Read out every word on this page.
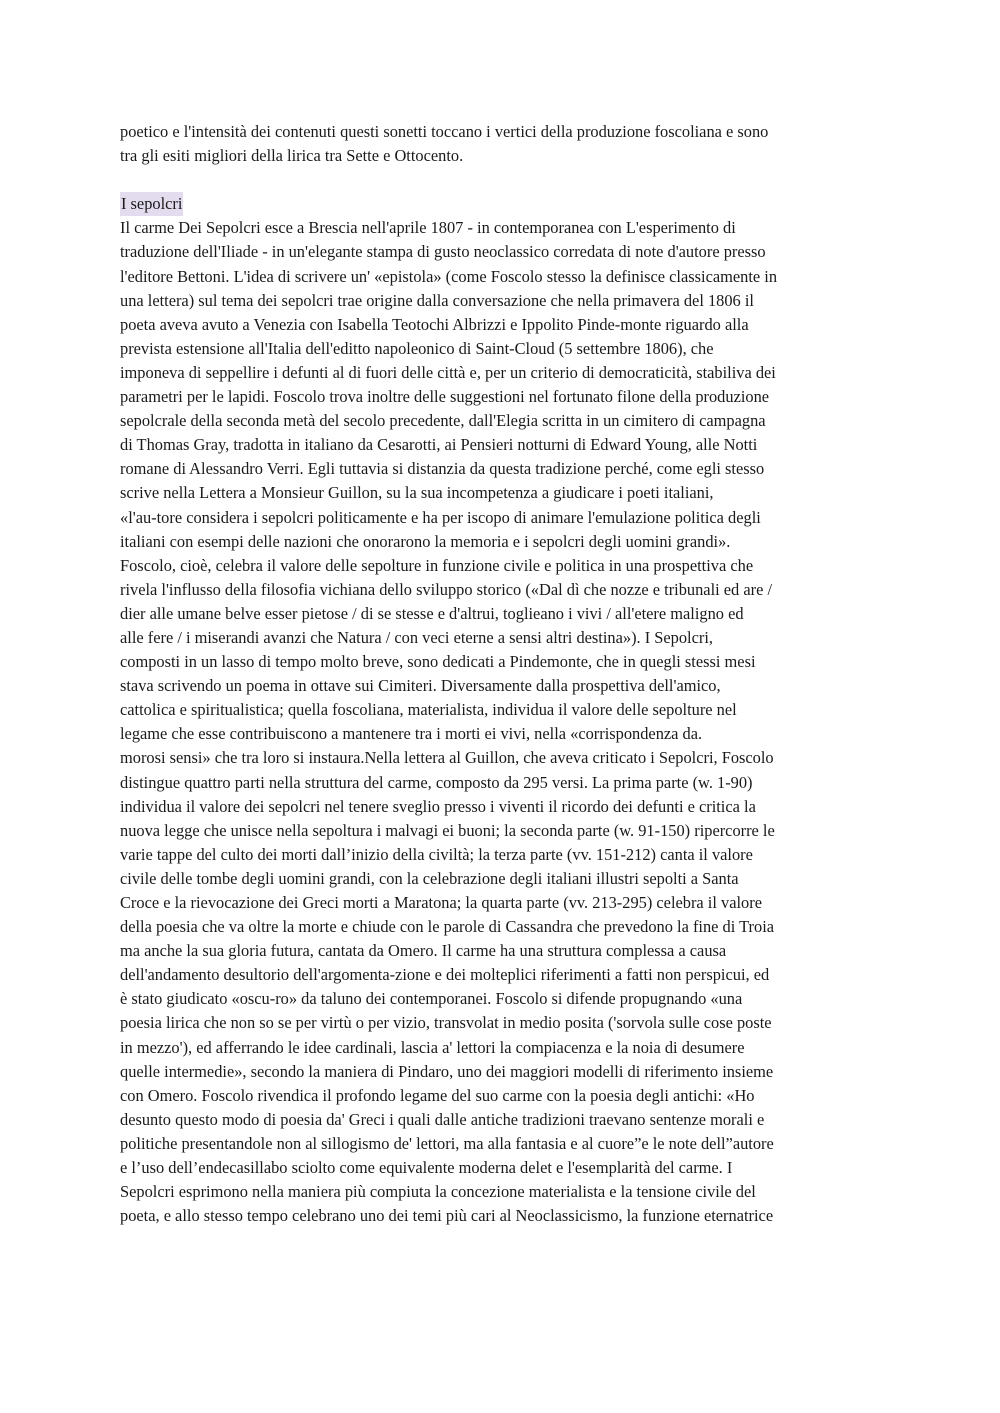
poetico e l'intensità dei contenuti questi sonetti toccano i vertici della produzione foscoliana e sono
tra gli esiti migliori della lirica tra Sette e Ottocento.
I sepolcri
Il carme Dei Sepolcri esce a Brescia nell'aprile 1807 - in contemporanea con L'esperimento di
traduzione dell'Iliade - in un'elegante stampa di gusto neoclassico corredata di note d'autore presso
l'editore Bettoni. L'idea di scrivere un' «epistola» (come Foscolo stesso la definisce classicamente in
una lettera) sul tema dei sepolcri trae origine dalla conversazione che nella primavera del 1806 il
poeta aveva avuto a Venezia con Isabella Teotochi Albrizzi e Ippolito Pinde-monte riguardo alla
prevista estensione all'Italia dell'editto napoleonico di Saint-Cloud (5 settembre 1806), che
imponeva di seppellire i defunti al di fuori delle città e, per un criterio di democraticità, stabiliva dei
parametri per le lapidi. Foscolo trova inoltre delle suggestioni nel fortunato filone della produzione
sepolcrale della seconda metà del secolo precedente, dall'Elegia scritta in un cimitero di campagna
di Thomas Gray, tradotta in italiano da Cesarotti, ai Pensieri notturni di Edward Young, alle Notti
romane di Alessandro Verri. Egli tuttavia si distanzia da questa tradizione perché, come egli stesso
scrive nella Lettera a Monsieur Guillon, su la sua incompetenza a giudicare i poeti italiani,
«l'au-tore considera i sepolcri politicamente e ha per iscopo di animare l'emulazione politica degli
italiani con esempi delle nazioni che onorarono la memoria e i sepolcri degli uomini grandi».
Foscolo, cioè, celebra il valore delle sepolture in funzione civile e politica in una prospettiva che
rivela l'influsso della filosofia vichiana dello sviluppo storico («Dal dì che nozze e tribunali ed are /
dier alle umane belve esser pietose / di se stesse e d'altrui, toglieano i vivi / all'etere maligno ed
alle fere / i miserandi avanzi che Natura / con veci eterne a sensi altri destina»). I Sepolcri,
composti in un lasso di tempo molto breve, sono dedicati a Pindemonte, che in quegli stessi mesi
stava scrivendo un poema in ottave sui Cimiteri. Diversamente dalla prospettiva dell'amico,
cattolica e spiritualistica; quella foscoliana, materialista, individua il valore delle sepolture nel
legame che esse contribuiscono a mantenere tra i morti ei vivi, nella «corrispondenza da.
morosi sensi» che tra loro si instaura.Nella lettera al Guillon, che aveva criticato i Sepolcri, Foscolo
distingue quattro parti nella struttura del carme, composto da 295 versi. La prima parte (w. 1-90)
individua il valore dei sepolcri nel tenere sveglio presso i viventi il ricordo dei defunti e critica la
nuova legge che unisce nella sepoltura i malvagi ei buoni; la seconda parte (w. 91-150) ripercorre le
varie tappe del culto dei morti dall’inizio della civiltà; la terza parte (vv. 151-212) canta il valore
civile delle tombe degli uomini grandi, con la celebrazione degli italiani illustri sepolti a Santa
Croce e la rievocazione dei Greci morti a Maratona; la quarta parte (vv. 213-295) celebra il valore
della poesia che va oltre la morte e chiude con le parole di Cassandra che prevedono la fine di Troia
ma anche la sua gloria futura, cantata da Omero. Il carme ha una struttura complessa a causa
dell'andamento desultorio dell'argomenta-zione e dei molteplici riferimenti a fatti non perspicui, ed
è stato giudicato «oscu-ro» da taluno dei contemporanei. Foscolo si difende propugnando «una
poesia lirica che non so se per virtù o per vizio, transvolat in medio posita ('sorvola sulle cose poste
in mezzo'), ed afferrando le idee cardinali, lascia a' lettori la compiacenza e la noia di desumere
quelle intermedie», secondo la maniera di Pindaro, uno dei maggiori modelli di riferimento insieme
con Omero. Foscolo rivendica il profondo legame del suo carme con la poesia degli antichi: «Ho
desunto questo modo di poesia da' Greci i quali dalle antiche tradizioni traevano sentenze morali e
politiche presentandole non al sillogismo de' lettori, ma alla fantasia e al cuore”e le note dell”autore
e l’uso dell’endecasillabo sciolto come equivalente moderna delet e l'esemplarità del carme. I
Sepolcri esprimono nella maniera più compiuta la concezione materialista e la tensione civile del
poeta, e allo stesso tempo celebrano uno dei temi più cari al Neoclassicismo, la funzione eternatrice
